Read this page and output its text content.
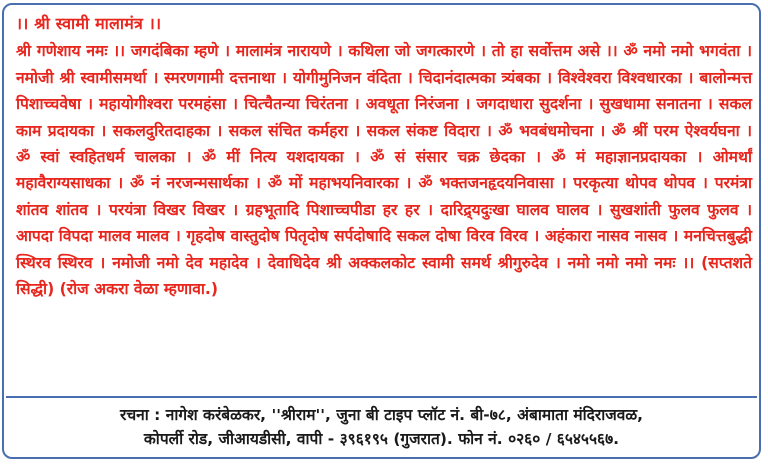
।। श्री स्वामी मालामंत्र ।।
श्री गणेशाय नमः ।। जगदंबिका म्हणे । मालामंत्र नारायणे । कथिला जो जगत्कारणे । तो हा सर्वोत्तम असे ।। ॐ नमो नमो भगवंता । नमोजी श्री स्वामीसमर्था । स्मरणगामी दत्तनाथा । योगीमुनिजन वंदिता । चिदानंदात्मका त्र्यंबका । विश्वेश्वरा विश्वधारका । बालोन्मत्त पिशाच्चवेषा । महायोगीश्वरा परमहंसा । चित्चैतन्या चिरंतना । अवधूता निरंजना । जगदाधारा सुदर्शना । सुखधामा सनातना । सकल काम प्रदायका । सकलदुरितदाहका । सकल संचित कर्महरा । सकल संकष्ट विदारा । ॐ भवबंधमोचना । ॐ श्रीं परम ऐश्वर्यघना । ॐ स्वां स्वहितधर्म चालका । ॐ मीं नित्य यशदायका । ॐ सं संसार चक्र छेदका । ॐ मं महाज्ञानप्रदायका । ओमर्थां महावैराग्यसाधका । ॐ नं नरजन्मसार्थका । ॐ मों महाभयनिवारका । ॐ भक्तजनहृदयनिवासा । परकृत्या थोपव थोपव । परमंत्रा शांतव शांतव । परयंत्रा विखर विखर । ग्रहभूतादि पिशाच्चपीडा हर हर । दारिद्र्यदुःखा घालव घालव । सुखशांती फुलव फुलव । आपदा विपदा मालव मालव । गृहदोष वास्तुदोष पितृदोष सर्पदोषादि सकल दोषा विरव विरव । अहंकारा नासव नासव । मनचित्तबुद्धी स्थिरव स्थिरव । नमोजी नमो देव महादेव । देवाधिदेव श्री अक्कलकोट स्वामी समर्थ श्रीगुरुदेव । नमो नमो नमो नमः ।। (सप्तशते सिद्धी) (रोज अकरा वेळा म्हणावा.)
रचना : नागेश करंबेळकर, ''श्रीराम'', जुना बी टाइप प्लॉट नं. बी-७८, अंबामाता मंदिराजवळ,
कोपर्ली रोड, जीआयडीसी, वापी - ३९६१९५ (गुजरात). फोन नं. ०२६० / ६५४५५६७.
